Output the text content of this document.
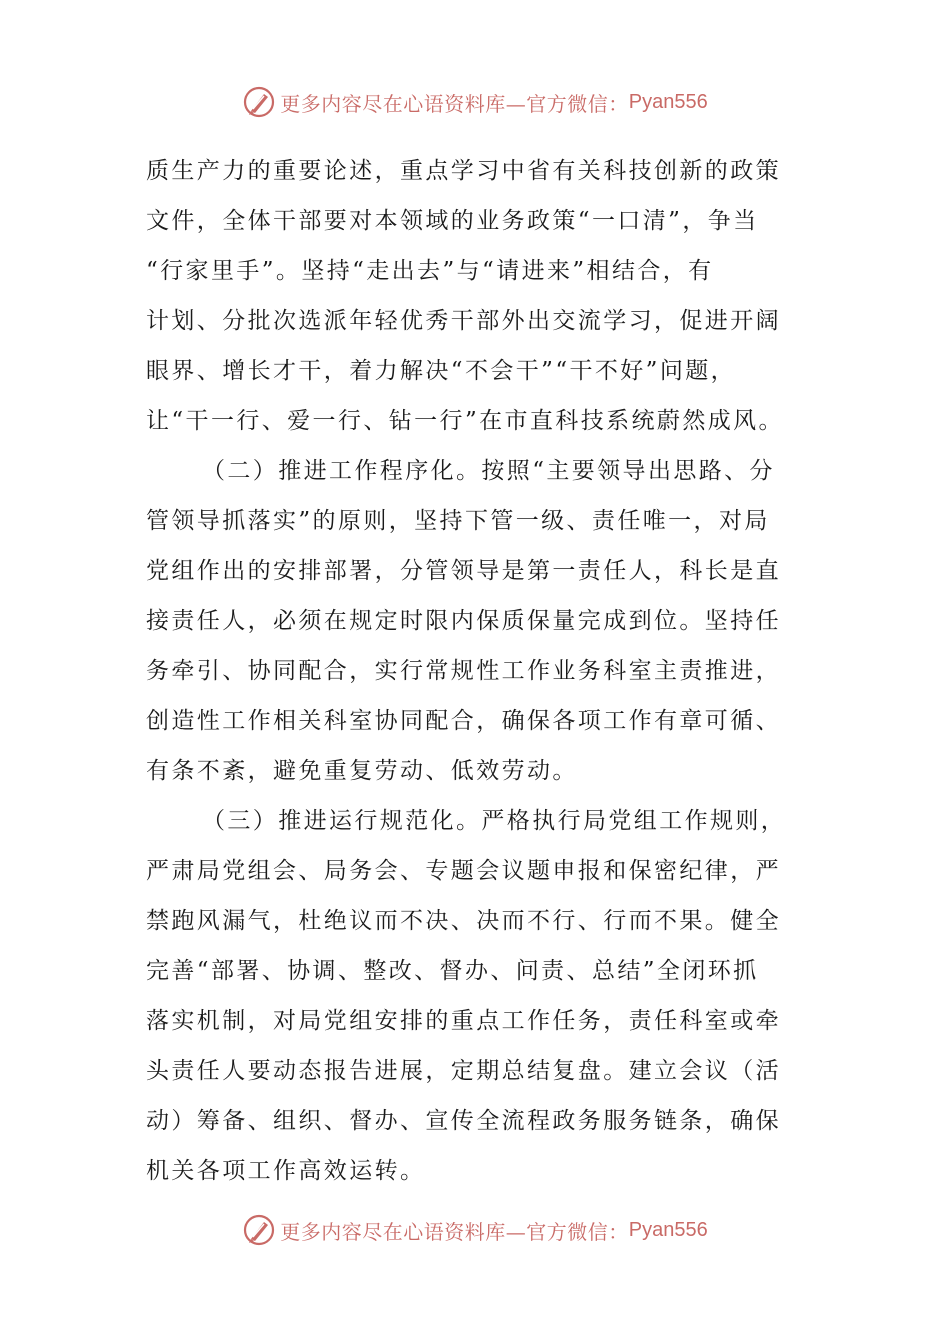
更多内容尽在心语资料库—官方微信： Pyan556
质生产力的重要论述，重点学习中省有关科技创新的政策
文件，全体干部要对本领域的业务政策“一口清”，争当
“行家里手”。坚持“走出去”与“请进来”相结合，有
计划、分批次选派年轻优秀干部外出交流学习，促进开阔
眼界、增长才干，着力解决“不会干”“干不好”问题，
让“干一行、爱一行、钻一行”在市直科技系统蔚然成风。
（二）推进工作程序化。按照“主要领导出思路、分
管领导抓落实”的原则，坚持下管一级、责任唯一，对局
党组作出的安排部署，分管领导是第一责任人，科长是直
接责任人，必须在规定时限内保质保量完成到位。坚持任
务牵引、协同配合，实行常规性工作业务科室主责推进，
创造性工作相关科室协同配合，确保各项工作有章可循、
有条不紊，避免重复劳动、低效劳动。
（三）推进运行规范化。严格执行局党组工作规则，
严肃局党组会、局务会、专题会议题申报和保密纪律，严
禁跑风漏气，杜绝议而不决、决而不行、行而不果。健全
完善“部署、协调、整改、督办、问责、总结”全闭环抓
落实机制，对局党组安排的重点工作任务，责任科室或牵
头责任人要动态报告进展，定期总结复盘。建立会议（活
动）筹备、组织、督办、宣传全流程政务服务链条，确保
机关各项工作高效运转。
更多内容尽在心语资料库—官方微信： Pyan556
